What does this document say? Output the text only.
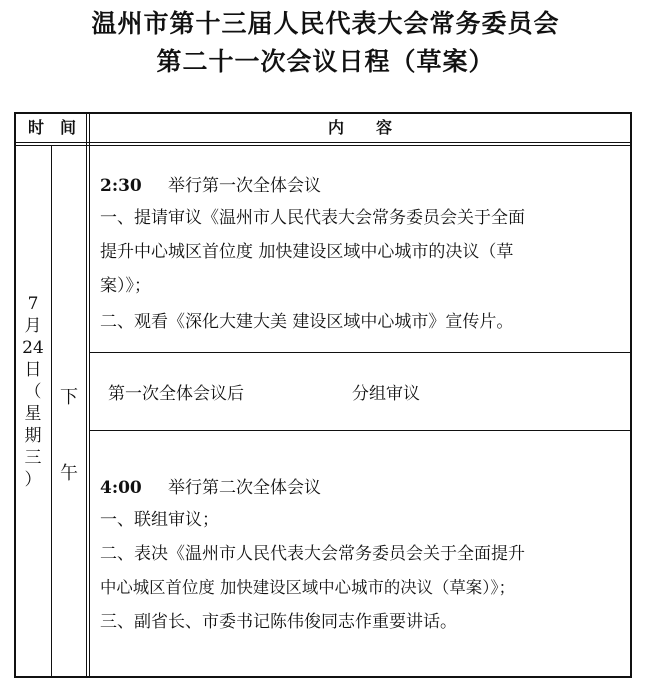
温州市第十三届人民代表大会常务委员会
第二十一次会议日程（草案）
时　间	内　　容
7
月
24
日
（
星
期
三
）
下
午
2:30 举行第一次全体会议
一、提请审议《温州市人民代表大会常务委员会关于全面
提升中心城区首位度 加快建设区域中心城市的决议（草
案）》；
二、观看《深化大建大美 建设区域中心城市》宣传片。
第一次全体会议后	分组审议
4:00 举行第二次全体会议
一、联组审议；
二、表决《温州市人民代表大会常务委员会关于全面提升
中心城区首位度 加快建设区域中心城市的决议（草案）》；
三、副省长、市委书记陈伟俊同志作重要讲话。
